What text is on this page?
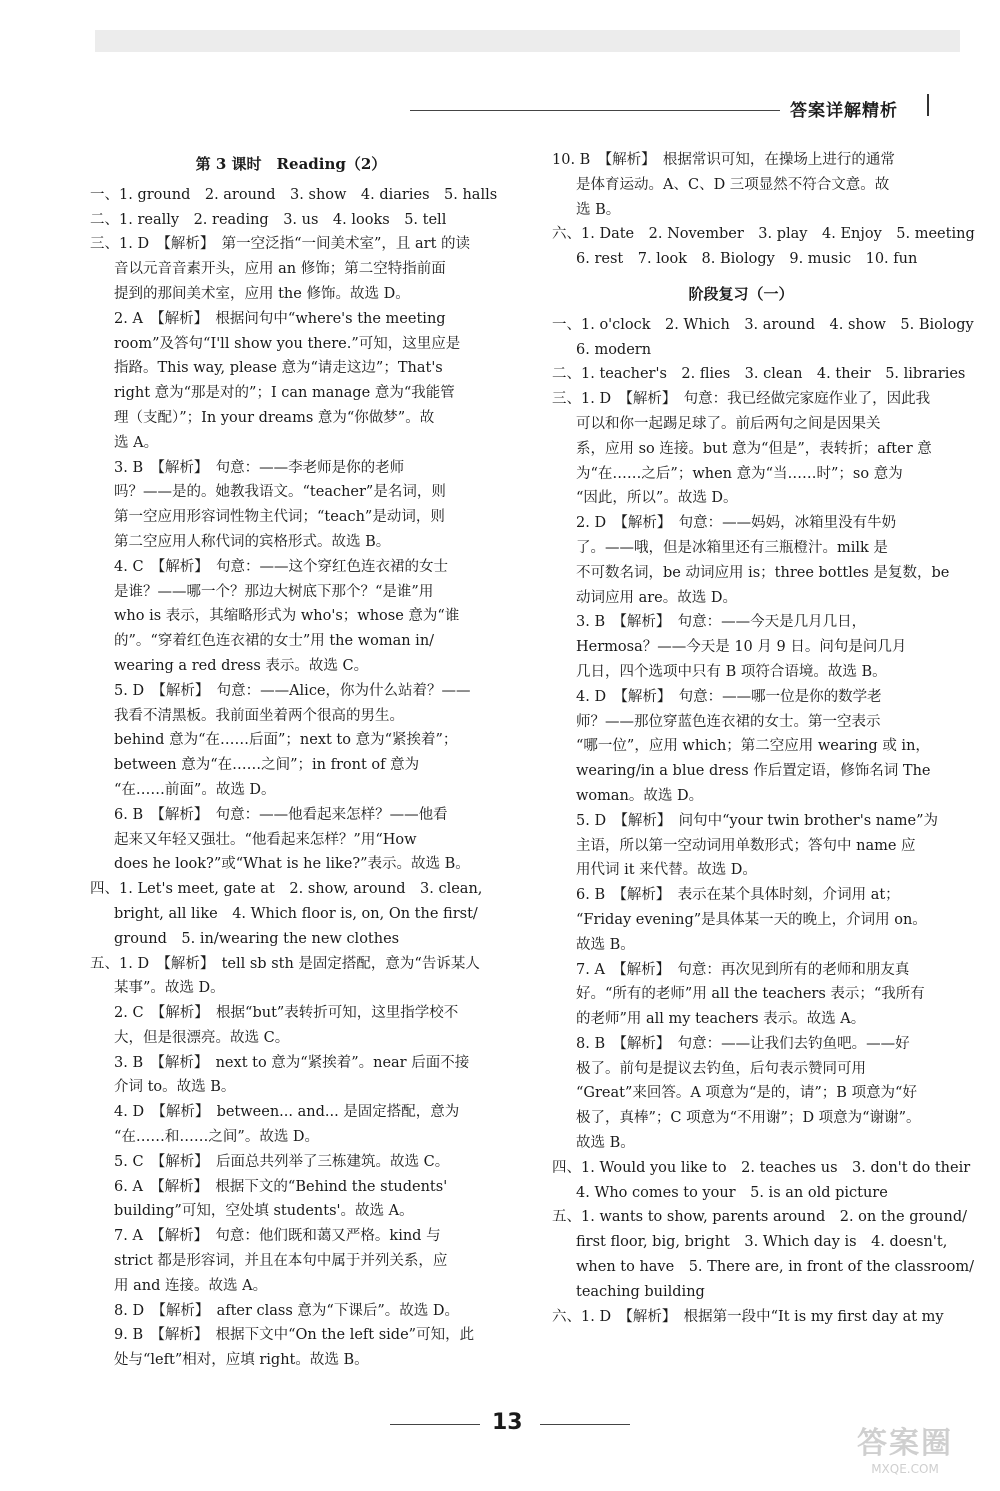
答案详解精析
第 3 课时　Reading（2）
一、1. ground　2. around　3. show　4. diaries　5. halls
二、1. really　2. reading　3. us　4. looks　5. tell
三、1. D　【解析】　第一空泛指“一间美术室”，且 art 的读
音以元音音素开头，应用 an 修饰；第二空特指前面
提到的那间美术室，应用 the 修饰。故选 D。
2. A　【解析】　根据问句中“where's the meeting
room”及答句“I'll show you there.”可知，这里应是
指路。This way, please 意为“请走这边”；That's
right 意为“那是对的”；I can manage 意为“我能管
理（支配）”；In your dreams 意为“你做梦”。故
选 A。
3. B　【解析】　句意：——李老师是你的老师
吗？——是的。她教我语文。“teacher”是名词，则
第一空应用形容词性物主代词；“teach”是动词，则
第二空应用人称代词的宾格形式。故选 B。
4. C　【解析】　句意：——这个穿红色连衣裙的女士
是谁？——哪一个？那边大树底下那个？“是谁”用
who is 表示，其缩略形式为 who's；whose 意为“谁
的”。“穿着红色连衣裙的女士”用 the woman in/
wearing a red dress 表示。故选 C。
5. D　【解析】　句意：——Alice，你为什么站着？——
我看不清黑板。我前面坐着两个很高的男生。
behind 意为“在……后面”；next to 意为“紧挨着”；
between 意为“在……之间”；in front of 意为
“在……前面”。故选 D。
6. B　【解析】　句意：——他看起来怎样？——他看
起来又年轻又强壮。“他看起来怎样？”用“How
does he look?”或“What is he like?”表示。故选 B。
四、1. Let's meet, gate at　2. show, around　3. clean,
bright, all like　4. Which floor is, on, On the first/
ground　5. in/wearing the new clothes
五、1. D　【解析】　tell sb sth 是固定搭配，意为“告诉某人
某事”。故选 D。
2. C　【解析】　根据“but”表转折可知，这里指学校不
大，但是很漂亮。故选 C。
3. B　【解析】　next to 意为“紧挨着”。near 后面不接
介词 to。故选 B。
4. D　【解析】　between... and... 是固定搭配，意为
“在……和……之间”。故选 D。
5. C　【解析】　后面总共列举了三栋建筑。故选 C。
6. A　【解析】　根据下文的“Behind the students'
building”可知，空处填 students'。故选 A。
7. A　【解析】　句意：他们既和蔼又严格。kind 与
strict 都是形容词，并且在本句中属于并列关系，应
用 and 连接。故选 A。
8. D　【解析】　after class 意为“下课后”。故选 D。
9. B　【解析】　根据下文中“On the left side”可知，此
处与“left”相对，应填 right。故选 B。
10. B　【解析】　根据常识可知，在操场上进行的通常
是体育运动。A、C、D 三项显然不符合文意。故
选 B。
六、1. Date　2. November　3. play　4. Enjoy　5. meeting
6. rest　7. look　8. Biology　9. music　10. fun
阶段复习（一）
一、1. o'clock　2. Which　3. around　4. show　5. Biology
6. modern
二、1. teacher's　2. flies　3. clean　4. their　5. libraries
三、1. D　【解析】　句意：我已经做完家庭作业了，因此我
可以和你一起踢足球了。前后两句之间是因果关
系，应用 so 连接。but 意为“但是”，表转折；after 意
为“在……之后”；when 意为“当……时”；so 意为
“因此，所以”。故选 D。
2. D　【解析】　句意：——妈妈，冰箱里没有牛奶
了。——哦，但是冰箱里还有三瓶橙汁。milk 是
不可数名词，be 动词应用 is；three bottles 是复数，be
动词应用 are。故选 D。
3. B　【解析】　句意：——今天是几月几日，
Hermosa？——今天是 10 月 9 日。问句是问几月
几日，四个选项中只有 B 项符合语境。故选 B。
4. D　【解析】　句意：——哪一位是你的数学老
师？——那位穿蓝色连衣裙的女士。第一空表示
“哪一位”，应用 which；第二空应用 wearing 或 in，
wearing/in a blue dress 作后置定语，修饰名词 The
woman。故选 D。
5. D　【解析】　问句中“your twin brother's name”为
主语，所以第一空动词用单数形式；答句中 name 应
用代词 it 来代替。故选 D。
6. B　【解析】　表示在某个具体时刻，介词用 at；
“Friday evening”是具体某一天的晚上，介词用 on。
故选 B。
7. A　【解析】　句意：再次见到所有的老师和朋友真
好。“所有的老师”用 all the teachers 表示；“我所有
的老师”用 all my teachers 表示。故选 A。
8. B　【解析】　句意：——让我们去钓鱼吧。——好
极了。前句是提议去钓鱼，后句表示赞同可用
“Great”来回答。A 项意为“是的，请”；B 项意为“好
极了，真棒”；C 项意为“不用谢”；D 项意为“谢谢”。
故选 B。
四、1. Would you like to　2. teaches us　3. don't do their
4. Who comes to your　5. is an old picture
五、1. wants to show, parents around　2. on the ground/
first floor, big, bright　3. Which day is　4. doesn't,
when to have　5. There are, in front of the classroom/
teaching building
六、1. D　【解析】　根据第一段中“It is my first day at my
13
答案圈
MXQE.COM
